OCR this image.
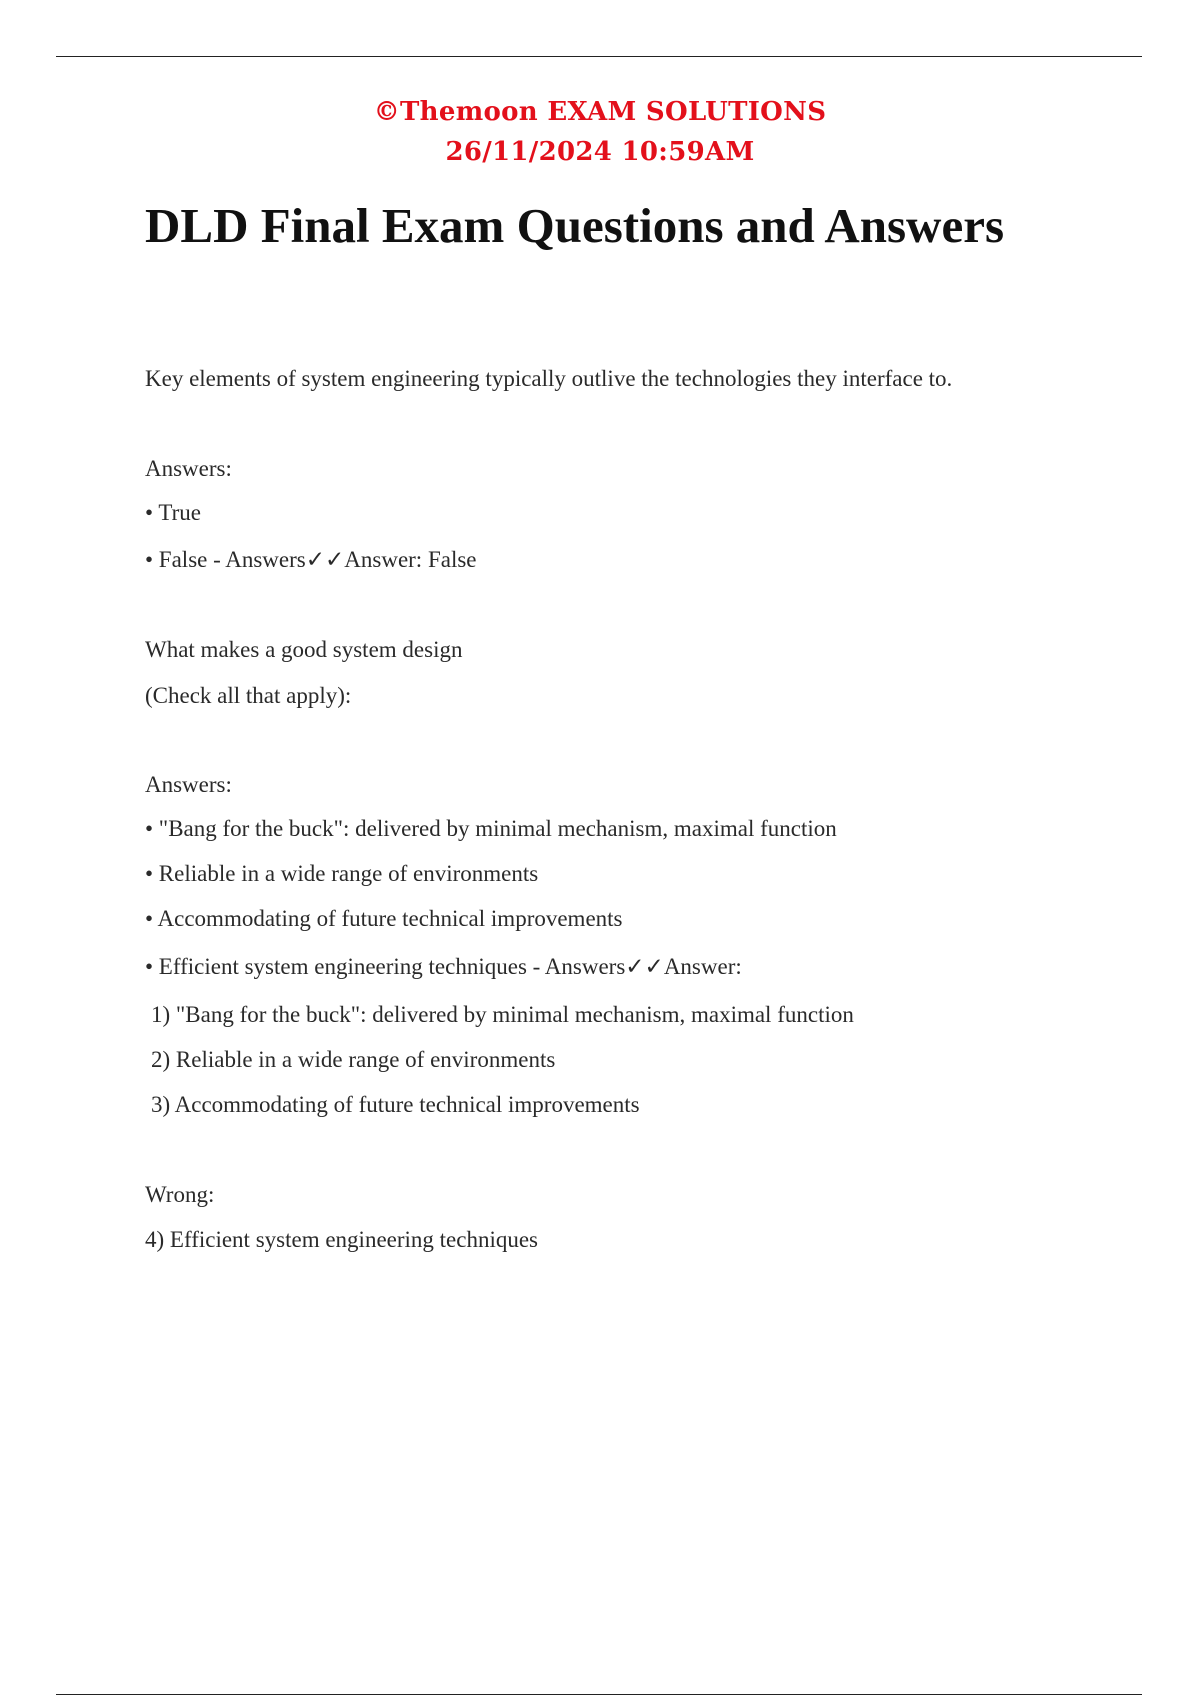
©Themoon EXAM SOLUTIONS
26/11/2024 10:59AM
DLD Final Exam Questions and Answers
Key elements of system engineering typically outlive the technologies they interface to.
Answers:
• True
• False - Answers✓✓Answer: False
What makes a good system design
(Check all that apply):
Answers:
• "Bang for the buck": delivered by minimal mechanism, maximal function
• Reliable in a wide range of environments
• Accommodating of future technical improvements
• Efficient system engineering techniques - Answers✓✓Answer:
1) "Bang for the buck": delivered by minimal mechanism, maximal function
2) Reliable in a wide range of environments
3) Accommodating of future technical improvements
Wrong:
4) Efficient system engineering techniques
